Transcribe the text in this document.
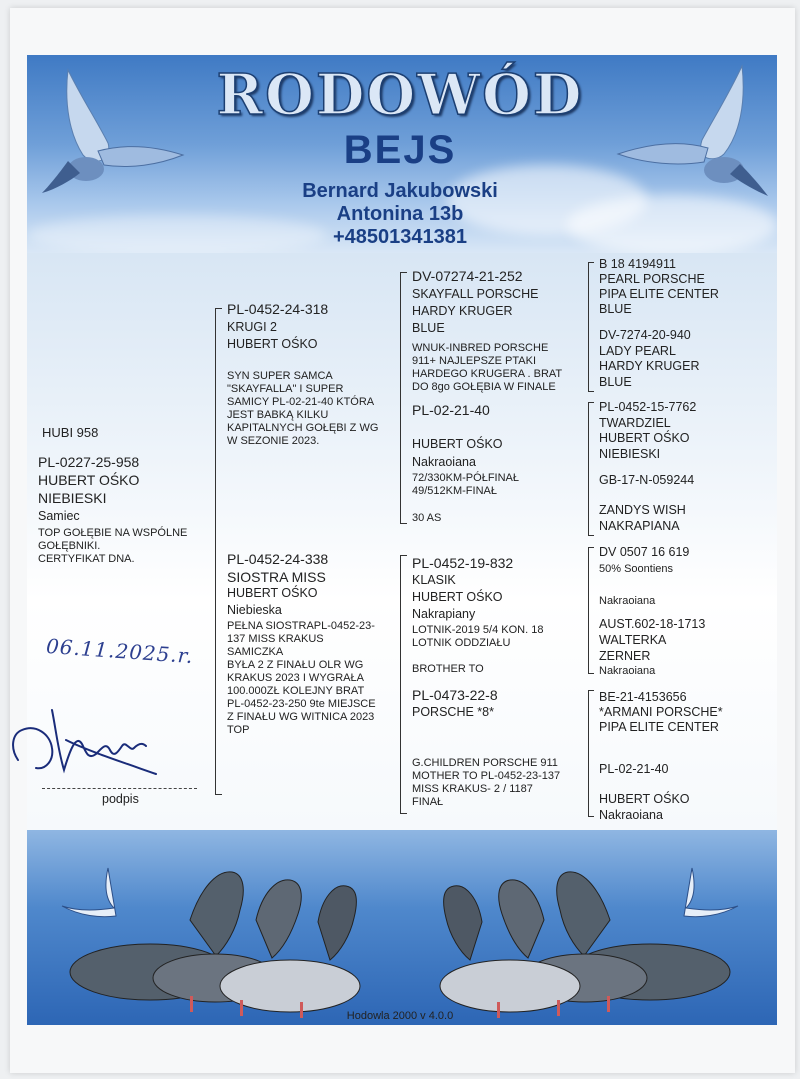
RODOWÓD
BEJS
Bernard Jakubowski
Antonina 13b
+48501341381
HUBI 958
PL-0227-25-958
HUBERT OŚKO
NIEBIESKI
Samiec
TOP GOŁĘBIE NA WSPÓLNE
GOŁĘBNIKI.
CERTYFIKAT DNA.
PL-0452-24-318
KRUGI 2
HUBERT OŚKO
SYN SUPER SAMCA
"SKAYFALLA" I SUPER
SAMICY PL-02-21-40 KTÓRA
JEST BABKĄ KILKU
KAPITALNYCH GOŁĘBI Z WG
W SEZONIE 2023.
PL-0452-24-338
SIOSTRA MISS
HUBERT OŚKO
Niebieska
PEŁNA SIOSTRAPL-0452-23-
137 MISS KRAKUS
SAMICZKA
BYŁA 2 Z FINAŁU OLR WG
KRAKUS 2023 I WYGRAŁA
100.000ZŁ KOLEJNY BRAT
PL-0452-23-250 9te MIEJSCE
Z FINAŁU WG WITNICA 2023
TOP
DV-07274-21-252
SKAYFALL PORSCHE
HARDY KRUGER
BLUE
WNUK-INBRED PORSCHE
911+ NAJLEPSZE PTAKI
HARDEGO KRUGERA . BRAT
DO 8go GOŁĘBIA W FINALE
PL-02-21-40
HUBERT OŚKO
Nakraoiana
72/330KM-PÓŁFINAŁ
49/512KM-FINAŁ
30 AS
PL-0452-19-832
KLASIK
HUBERT OŚKO
Nakrapiany
LOTNIK-2019 5/4 KON. 18
LOTNIK ODDZIAŁU
BROTHER TO
PL-0473-22-8
PORSCHE *8*
G.CHILDREN PORSCHE 911
MOTHER TO PL-0452-23-137
MISS KRAKUS- 2 / 1187
FINAŁ
B 18 4194911
PEARL PORSCHE
PIPA ELITE CENTER
BLUE
DV-7274-20-940
LADY PEARL
HARDY KRUGER
BLUE
PL-0452-15-7762
TWARDZIEL
HUBERT OŚKO
NIEBIESKI
GB-17-N-059244
ZANDYS WISH
NAKRAPIANA
DV 0507 16 619
50% Soontiens
Nakraoiana
AUST.602-18-1713
WALTERKA
ZERNER
Nakraoiana
BE-21-4153656
*ARMANI PORSCHE*
PIPA ELITE CENTER
PL-02-21-40
HUBERT OŚKO
Nakraoiana
06.11.2025.r.
podpis
Hodowla 2000 v 4.0.0
